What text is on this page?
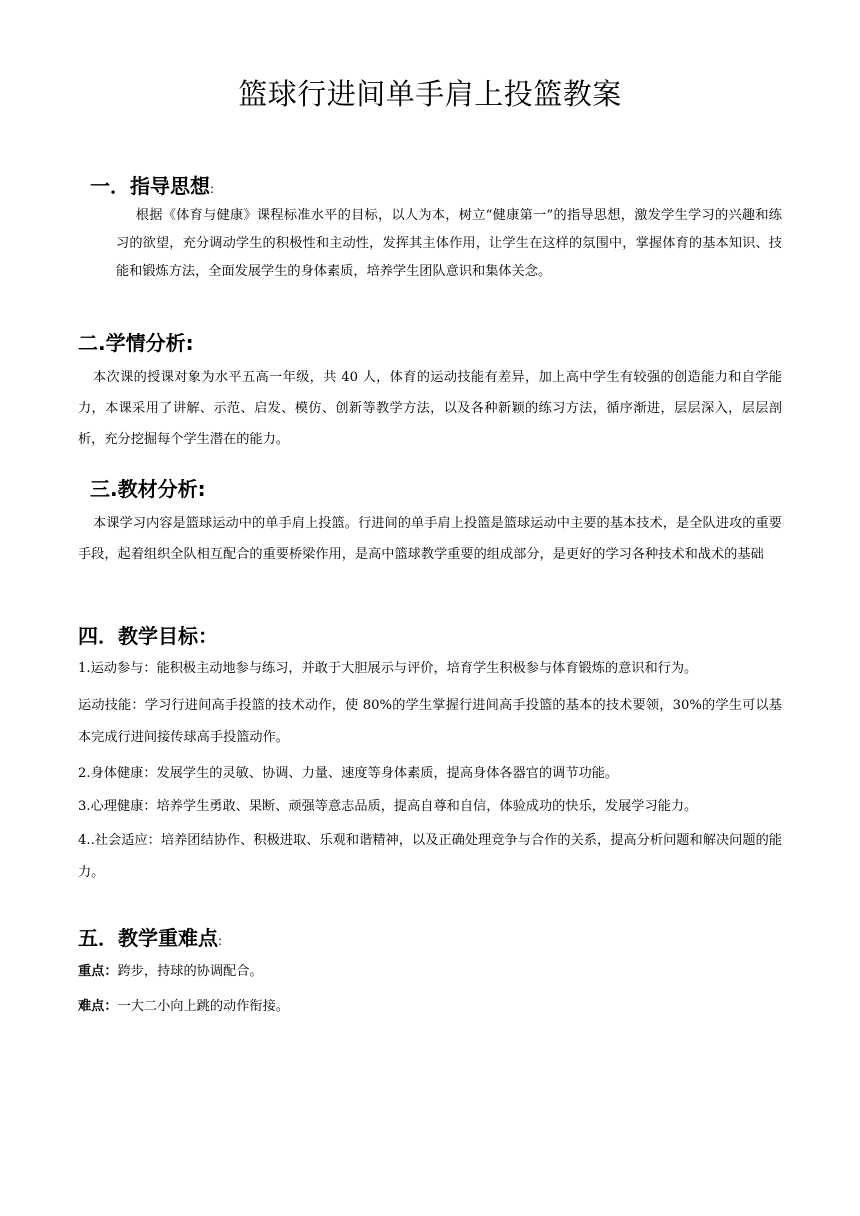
篮球行进间单手肩上投篮教案
一．指导思想:

根据《体育与健康》课程标准水平的目标，以人为本，树立“健康第一”的指导思想，激发学生学习的兴趣和练习的欲望，充分调动学生的积极性和主动性，发挥其主体作用，让学生在这样的氛围中，掌握体育的基本知识、技能和锻炼方法，全面发展学生的身体素质，培养学生团队意识和集体关念。

二.学情分析:

本次课的授课对象为水平五高一年级，共 40 人，体育的运动技能有差异，加上高中学生有较强的创造能力和自学能力，本课采用了讲解、示范、启发、模仿、创新等教学方法，以及各种新颖的练习方法，循序渐进，层层深入，层层剖析，充分挖掘每个学生潜在的能力。

三.教材分析:

本课学习内容是篮球运动中的单手肩上投篮。行进间的单手肩上投篮是篮球运动中主要的基本技术，是全队进攻的重要手段，起着组织全队相互配合的重要桥梁作用，是高中篮球教学重要的组成部分，是更好的学习各种技术和战术的基础

四．教学目标：

1.运动参与：能积极主动地参与练习，并敢于大胆展示与评价，培育学生积极参与体育锻炼的意识和行为。

运动技能：学习行进间高手投篮的技术动作，使 80%的学生掌握行进间高手投篮的基本的技术要领，30%的学生可以基本完成行进间接传球高手投篮动作。

2.身体健康：发展学生的灵敏、协调、力量、速度等身体素质，提高身体各器官的调节功能。

3.心理健康：培养学生勇敢、果断、顽强等意志品质，提高自尊和自信，体验成功的快乐，发展学习能力。

4..社会适应：培养团结协作、积极进取、乐观和谐精神，以及正确处理竞争与合作的关系，提高分析问题和解决问题的能力。

五．教学重难点:

重点：跨步，持球的协调配合。

难点：一大二小向上跳的动作衔接。
